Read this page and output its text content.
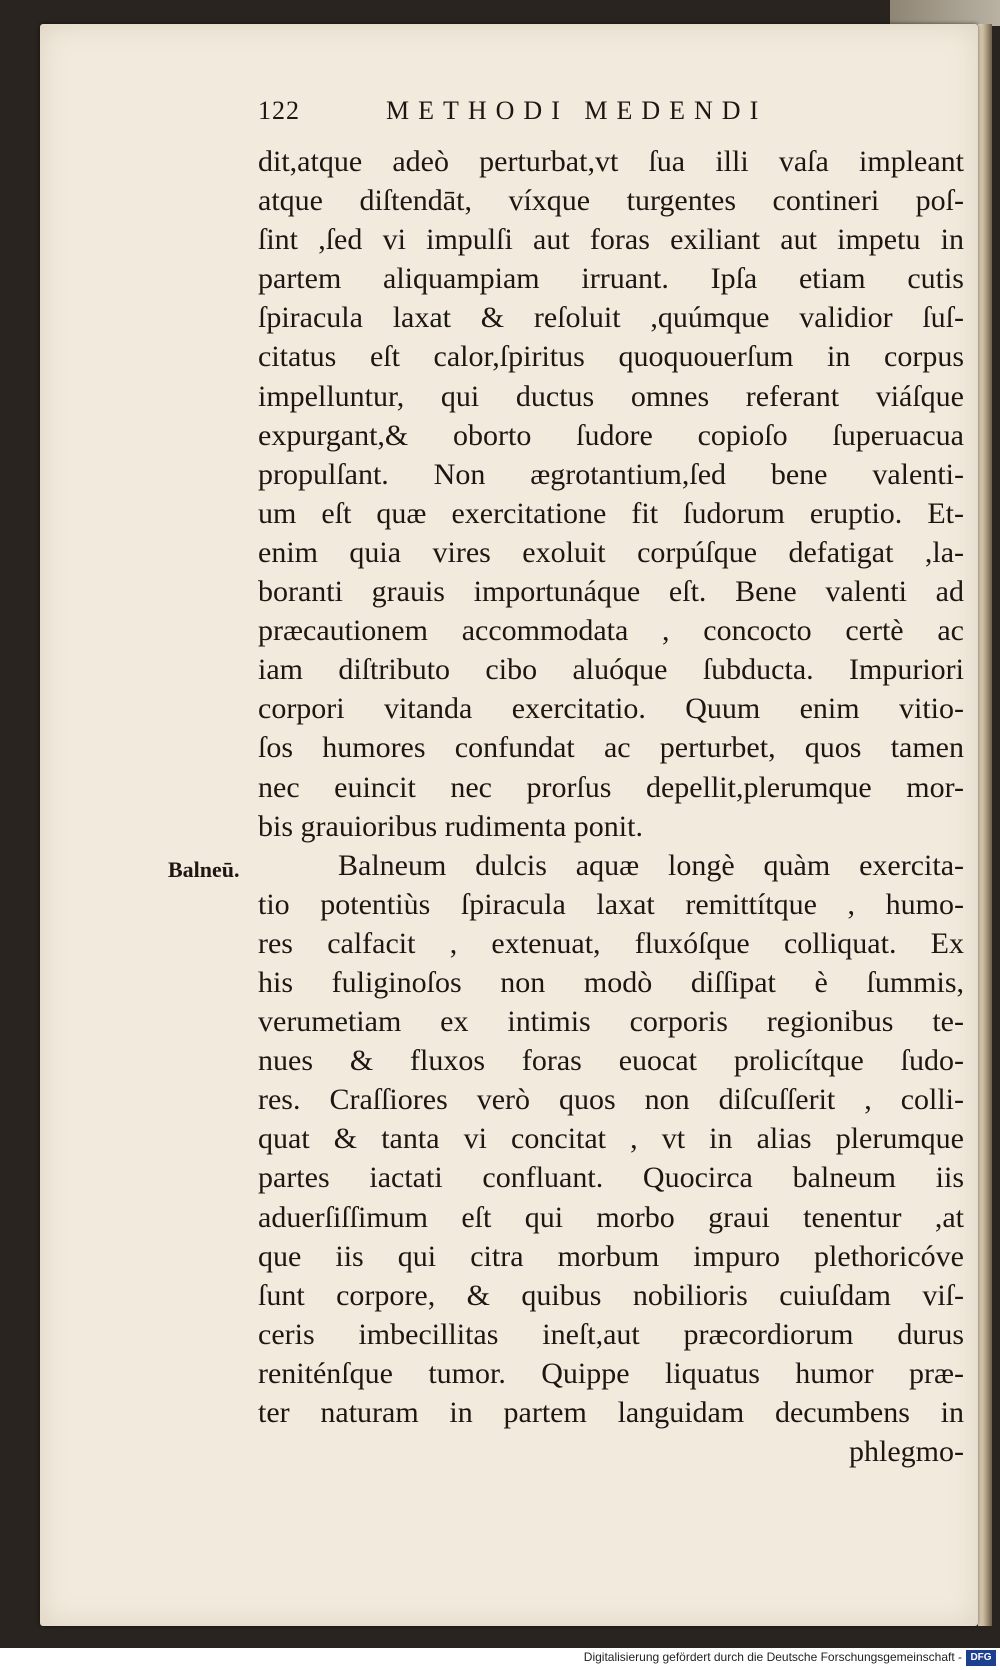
122	METHODI MEDENDI
Balneū.
dit,atque adeò perturbat,vt ſua illi vaſa impleant
atque diſtendāt, víxque turgentes contineri poſ-
ſint ,ſed vi impulſi aut foras exiliant aut impetu in
partem aliquampiam irruant. Ipſa etiam cutis
ſpiracula laxat & reſoluit ,quúmque validior ſuſ-
citatus eſt calor,ſpiritus quoquouerſum in corpus
impelluntur, qui ductus omnes referant viáſque
expurgant,& oborto ſudore copioſo ſuperuacua
propulſant. Non ægrotantium,ſed bene valenti-
um eſt quæ exercitatione fit ſudorum eruptio. Et-
enim quia vires exoluit corpúſque defatigat ,la-
boranti grauis importunáque eſt. Bene valenti ad
præcautionem accommodata , concocto certè ac
iam diſtributo cibo aluóque ſubducta. Impuriori
corpori vitanda exercitatio. Quum enim vitio-
ſos humores confundat ac perturbet, quos tamen
nec euincit nec prorſus depellit,plerumque mor-
bis grauioribus rudimenta ponit.
Balneum dulcis aquæ longè quàm exercita-
tio potentiùs ſpiracula laxat remittítque , humo-
res calfacit , extenuat, fluxóſque colliquat. Ex
his fuliginoſos non modò diſſipat è ſummis,
verumetiam ex intimis corporis regionibus te-
nues & fluxos foras euocat prolicítque ſudo-
res. Craſſiores verò quos non diſcuſſerit , colli-
quat & tanta vi concitat , vt in alias plerumque
partes iactati confluant. Quocirca balneum iis
aduerſiſſimum eſt qui morbo graui tenentur ,at
que iis qui citra morbum impuro plethoricóve
ſunt corpore, & quibus nobilioris cuiuſdam viſ-
ceris imbecillitas ineſt,aut præcordiorum durus
reniténſque tumor. Quippe liquatus humor præ-
ter naturam in partem languidam decumbens in
phlegmo-
Digitalisierung gefördert durch die Deutsche Forschungsgemeinschaft - DFG
